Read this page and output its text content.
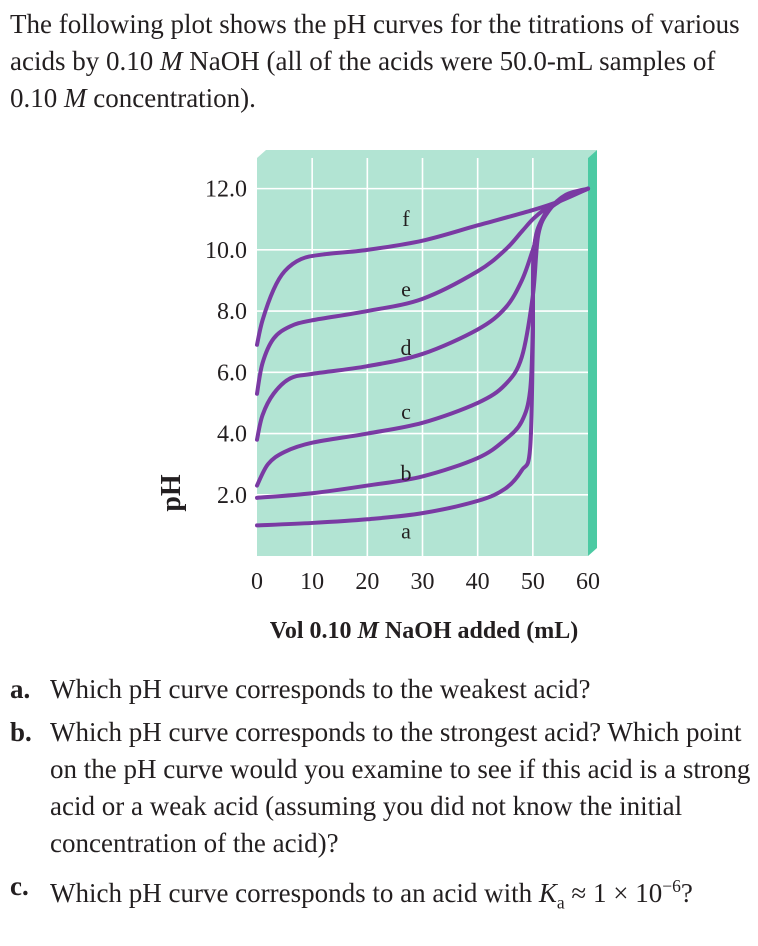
The following plot shows the pH curves for the titrations of various acids by 0.10 M NaOH (all of the acids were 50.0-mL samples of 0.10 M concentration).
a
b
c
d
e
f
2.0
4.0
6.0
8.0
10.0
12.0
0 10 20 30 40 50 60
pH
Vol 0.10 M NaOH added (mL)
a. Which pH curve corresponds to the weakest acid?
b. Which pH curve corresponds to the strongest acid? Which point on the pH curve would you examine to see if this acid is a strong acid or a weak acid (assuming you did not know the initial concentration of the acid)?
c. Which pH curve corresponds to an acid with $K_a \approx 1 \times 10^{-6}$?
